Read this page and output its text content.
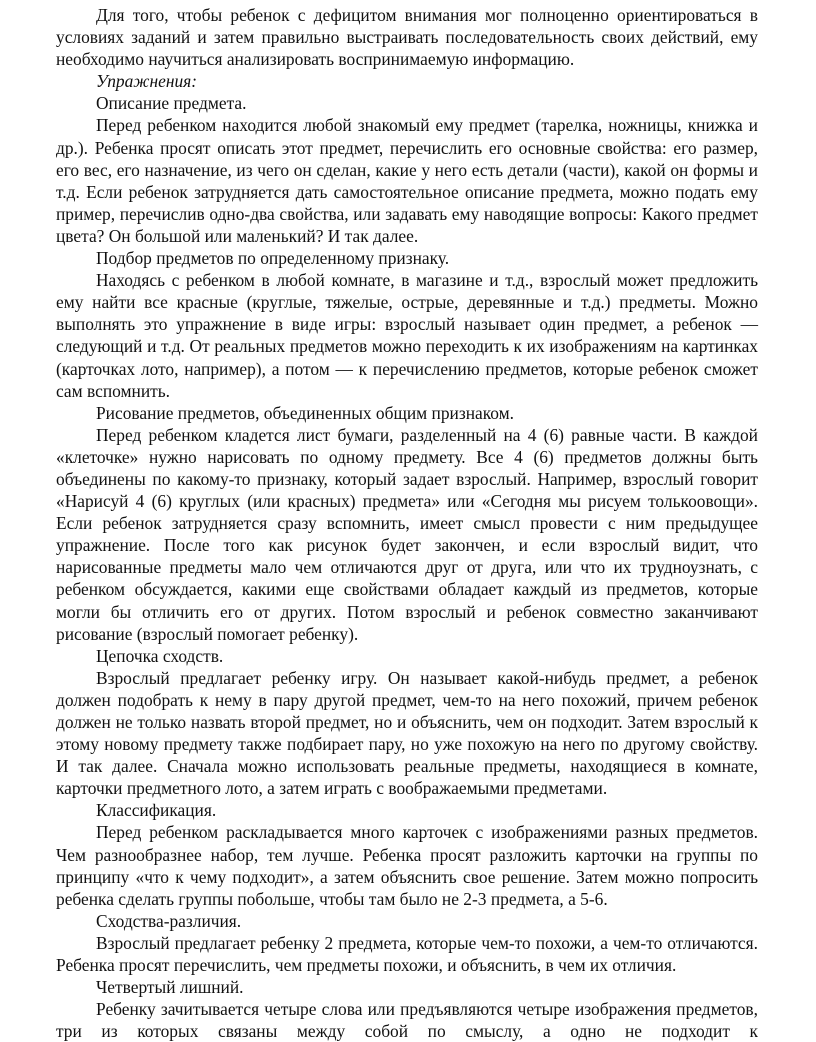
Для того, чтобы ребенок с дефицитом внимания мог полноценно ориентироваться в условиях заданий и затем правильно выстраивать последовательность своих действий, ему необходимо научиться анализировать воспринимаемую информацию.

Упражнения:

Описание предмета.

Перед ребенком находится любой знакомый ему предмет (тарелка, ножницы, книжка и др.). Ребенка просят описать этот предмет, перечислить его основные свойства: его размер, его вес, его назначение, из чего он сделан, какие у него есть детали (части), какой он формы и т.д. Если ребенок затрудняется дать самостоятельное описание предмета, можно подать ему пример, перечислив одно-два свойства, или задавать ему наводящие вопросы: Какого предмет цвета? Он большой или маленький? И так далее.

Подбор предметов по определенному признаку.

Находясь с ребенком в любой комнате, в магазине и т.д., взрослый может предложить ему найти все красные (круглые, тяжелые, острые, деревянные и т.д.) предметы. Можно выполнять это упражнение в виде игры: взрослый называет один предмет, а ребенок — следующий и т.д. От реальных предметов можно переходить к их изображениям на картинках (карточках лото, например), а потом — к перечислению предметов, которые ребенок сможет сам вспомнить.

Рисование предметов, объединенных общим признаком.

Перед ребенком кладется лист бумаги, разделенный на 4 (6) равные части. В каждой «клеточке» нужно нарисовать по одному предмету. Все 4 (6) предметов должны быть объединены по какому-то признаку, который задает взрослый. Например, взрослый говорит «Нарисуй 4 (6) круглых (или красных) предмета» или «Сегодня мы рисуем толькоовощи». Если ребенок затрудняется сразу вспомнить, имеет смысл провести с ним предыдущее упражнение. После того как рисунок будет закончен, и если взрослый видит, что нарисованные предметы мало чем отличаются друг от друга, или что их трудноузнать, с ребенком обсуждается, какими еще свойствами обладает каждый из предметов, которые могли бы отличить его от других. Потом взрослый и ребенок совместно заканчивают рисование (взрослый помогает ребенку).

Цепочка сходств.

Взрослый предлагает ребенку игру. Он называет какой-нибудь предмет, а ребенок должен подобрать к нему в пару другой предмет, чем-то на него похожий, причем ребенок должен не только назвать второй предмет, но и объяснить, чем он подходит. Затем взрослый к этому новому предмету также подбирает пару, но уже похожую на него по другому свойству. И так далее. Сначала можно использовать реальные предметы, находящиеся в комнате, карточки предметного лото, а затем играть с воображаемыми предметами.

Классификация.

Перед ребенком раскладывается много карточек с изображениями разных предметов. Чем разнообразнее набор, тем лучше. Ребенка просят разложить карточки на группы по принципу «что к чему подходит», а затем объяснить свое решение. Затем можно попросить ребенка сделать группы побольше, чтобы там было не 2-3 предмета, а 5-6.

Сходства-различия.

Взрослый предлагает ребенку 2 предмета, которые чем-то похожи, а чем-то отличаются. Ребенка просят перечислить, чем предметы похожи, и объяснить, в чем их отличия.

Четвертый лишний.

Ребенку зачитывается четыре слова или предъявляются четыре изображения предметов, три из которых связаны между собой по смыслу, а одно не подходит к
